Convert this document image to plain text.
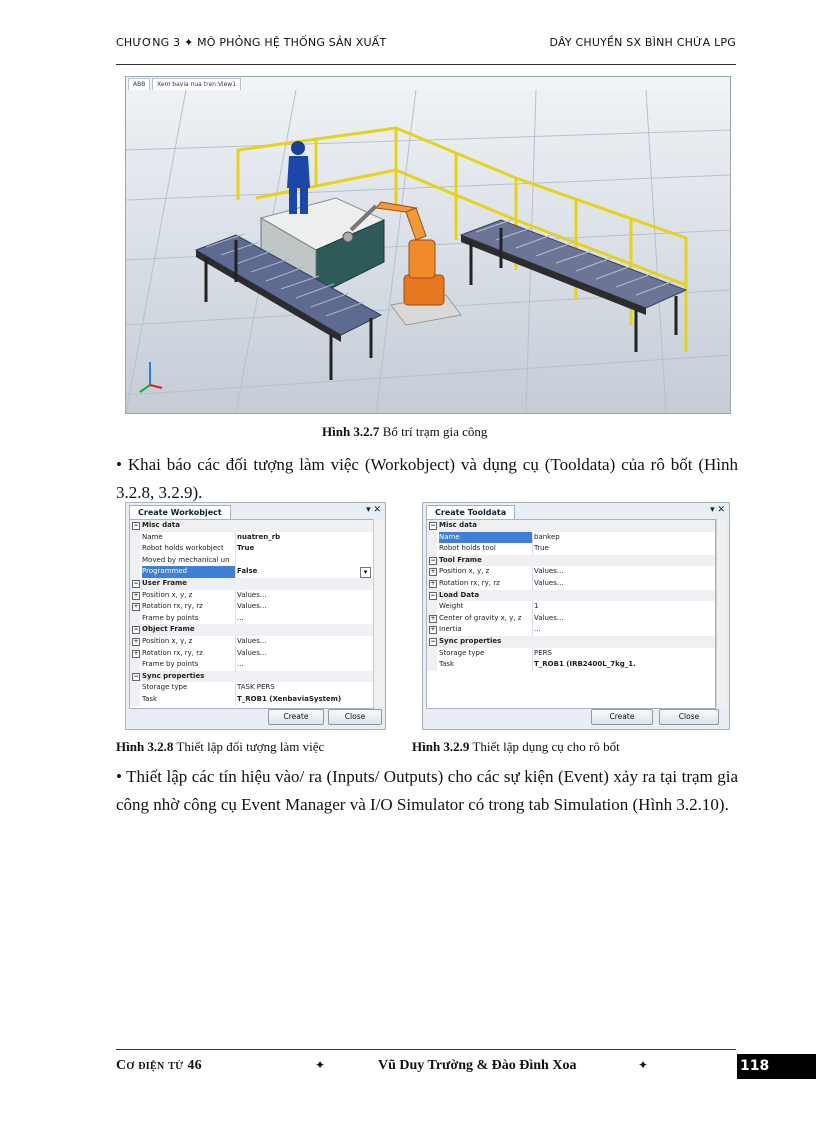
CHƯƠNG 3 ✦ MÔ PHỎNG HỆ THỐNG SẢN XUẤT	DÂY CHUYỀN SX BÌNH CHỨA LPG
ABB	Xem bavia nua tren:View1
Hình 3.2.7 Bố trí trạm gia công
• Khai báo các đối tượng làm việc (Workobject) và dụng cụ (Tooldata) của rô bốt (Hình 3.2.8, 3.2.9).
Create Workobject	▾ ✕
− Misc data
Name	nuatren_rb
Robot holds workobject	True
Moved by mechanical un
Programmed	False	▾
− User Frame
+ Position x, y, z	Values...
+ Rotation rx, ry, rz	Values...
Frame by points	...
− Object Frame
+ Position x, y, z	Values...
+ Rotation rx, ry, rz	Values...
Frame by points	...
− Sync properties
Storage type	TASK PERS
Task	T_ROB1 (XenbaviaSystem)
Create	Close
Create Tooldata	▾ ✕
− Misc data
Name	bankep
Robot holds tool	True
− Tool Frame
+ Position x, y, z	Values...
+ Rotation rx, ry, rz	Values...
− Load Data
Weight	1
+ Center of gravity x, y, z	Values...
+ Inertia	...
− Sync properties
Storage type	PERS
Task	T_ROB1 (IRB2400L_7kg_1.
Create	Close
Hình 3.2.8 Thiết lập đối tượng làm việc	Hình 3.2.9 Thiết lập dụng cụ cho rô bốt
• Thiết lập các tín hiệu vào/ ra (Inputs/ Outputs) cho các sự kiện (Event) xảy ra tại trạm gia công nhờ công cụ Event Manager và I/O Simulator có trong tab Simulation (Hình 3.2.10).
Cơ điện tử 46	✦	Vũ Duy Trường & Đào Đình Xoa	✦	118
